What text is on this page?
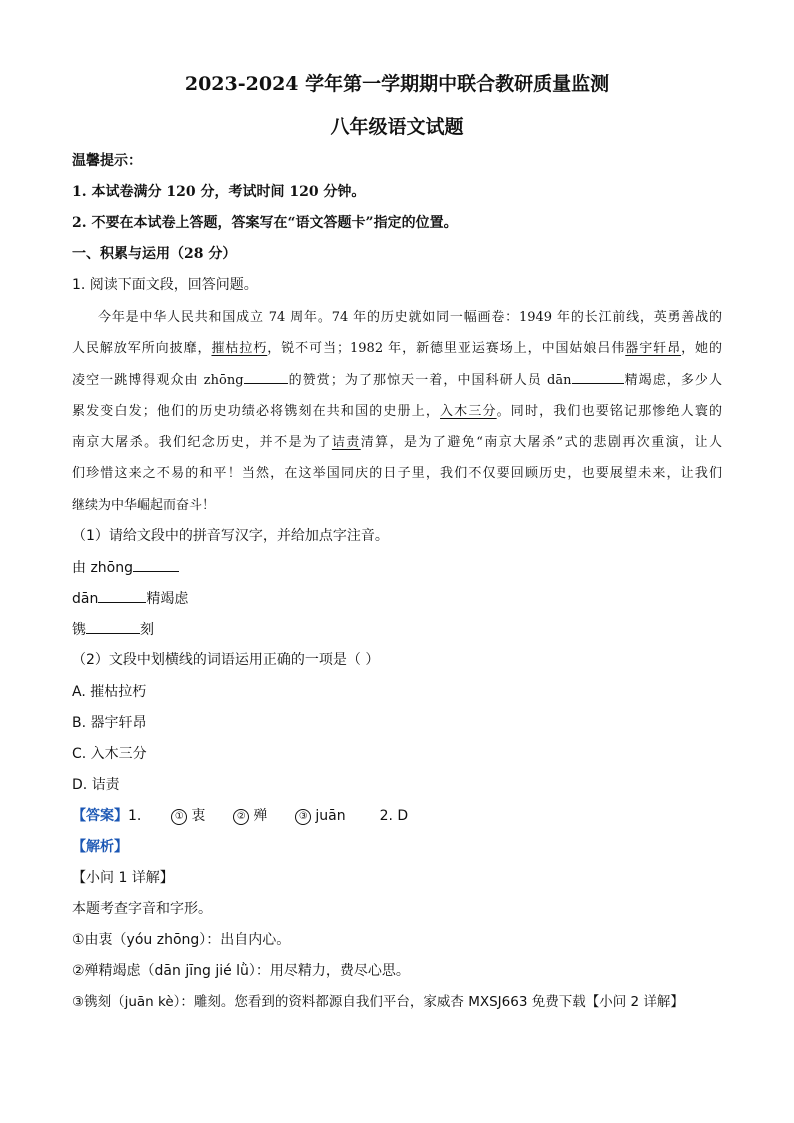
2023-2024 学年第一学期期中联合教研质量监测
八年级语文试题
温馨提示：
1. 本试卷满分 120 分，考试时间 120 分钟。
2. 不要在本试卷上答题，答案写在“语文答题卡”指定的位置。
一、积累与运用（28 分）
1. 阅读下面文段，回答问题。
今年是中华人民共和国成立 74 周年。74 年的历史就如同一幅画卷：1949 年的长江前线，英勇善战的
人民解放军所向披靡，摧枯拉朽，锐不可当；1982 年，新德里亚运赛场上，中国姑娘吕伟器宇轩昂，她的
凌空一跳博得观众由 zhōng	的赞赏；为了那惊天一着，中国科研人员 dān	精竭虑，多少人
累发变白发；他们的历史功绩必将镌刻在共和国的史册上，入木三分。同时，我们也要铭记那惨绝人寰的
南京大屠杀。我们纪念历史，并不是为了诘责清算，是为了避免“南京大屠杀”式的悲剧再次重演，让人
们珍惜这来之不易的和平！当然，在这举国同庆的日子里，我们不仅要回顾历史，也要展望未来，让我们
继续为中华崛起而奋斗！
（1）请给文段中的拼音写汉字，并给加点字注音。
由 zhōng
dān	精竭虑
镌	刻
（2）文段中划横线的词语运用正确的一项是（ ）
A. 摧枯拉朽
B. 器宇轩昂
C. 入木三分
D. 诘责
【答案】1.	① 衷	② 殚	③ juān 2. D
【解析】
【小问 1 详解】
本题考查字音和字形。
①由衷（yóu zhōng）：出自内心。
②殚精竭虑（dān jīng jié lǜ）：用尽精力，费尽心思。
③镌刻（juān kè）：雕刻。您看到的资料都源自我们平台，家威杏 MXSJ663 免费下载【小问 2 详解】
